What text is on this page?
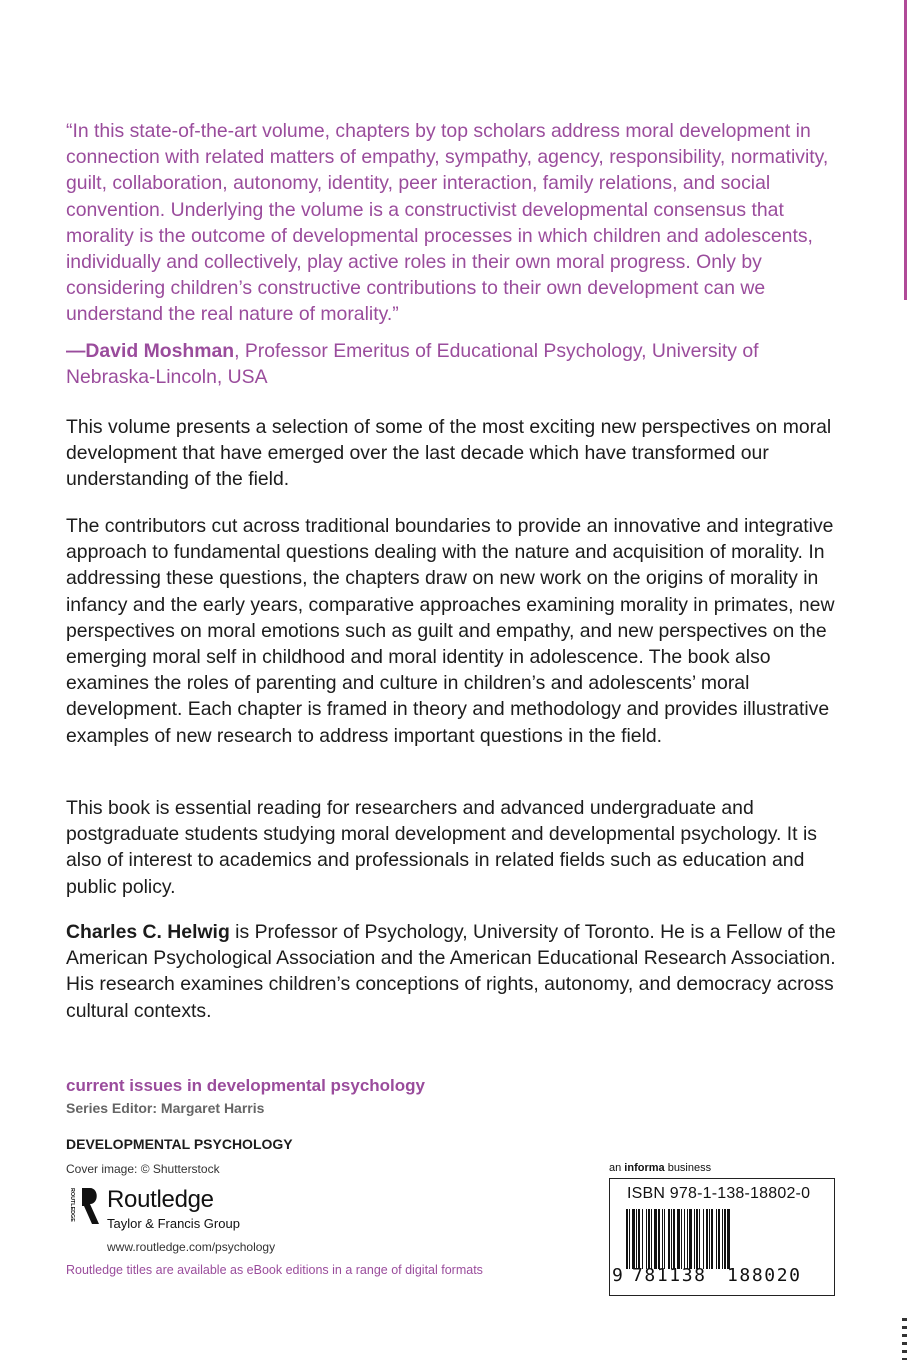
“In this state-of-the-art volume, chapters by top scholars address moral development in connection with related matters of empathy, sympathy, agency, responsibility, normativity, guilt, collaboration, autonomy, identity, peer interaction, family relations, and social convention. Underlying the volume is a constructivist developmental consensus that morality is the outcome of developmental processes in which children and adolescents, individually and collectively, play active roles in their own moral progress. Only by considering children’s constructive contributions to their own development can we understand the real nature of morality.”
—David Moshman, Professor Emeritus of Educational Psychology, University of Nebraska-Lincoln, USA
This volume presents a selection of some of the most exciting new perspectives on moral development that have emerged over the last decade which have transformed our understanding of the field.
The contributors cut across traditional boundaries to provide an innovative and integrative approach to fundamental questions dealing with the nature and acquisition of morality. In addressing these questions, the chapters draw on new work on the origins of morality in infancy and the early years, comparative approaches examining morality in primates, new perspectives on moral emotions such as guilt and empathy, and new perspectives on the emerging moral self in childhood and moral identity in adolescence. The book also examines the roles of parenting and culture in children’s and adolescents’ moral development. Each chapter is framed in theory and methodology and provides illustrative examples of new research to address important questions in the field.
This book is essential reading for researchers and advanced undergraduate and postgraduate students studying moral development and developmental psychology. It is also of interest to academics and professionals in related fields such as education and public policy.
Charles C. Helwig is Professor of Psychology, University of Toronto. He is a Fellow of the American Psychological Association and the American Educational Research Association. His research examines children’s conceptions of rights, autonomy, and democracy across cultural contexts.
current issues in developmental psychology
Series Editor: Margaret Harris
DEVELOPMENTAL PSYCHOLOGY
Cover image: © Shutterstock
ROUTLEDGE Routledge
Taylor & Francis Group
www.routledge.com/psychology
Routledge titles are available as eBook editions in a range of digital formats
an informa business
ISBN 978-1-138-18802-0
9 781138 188020
